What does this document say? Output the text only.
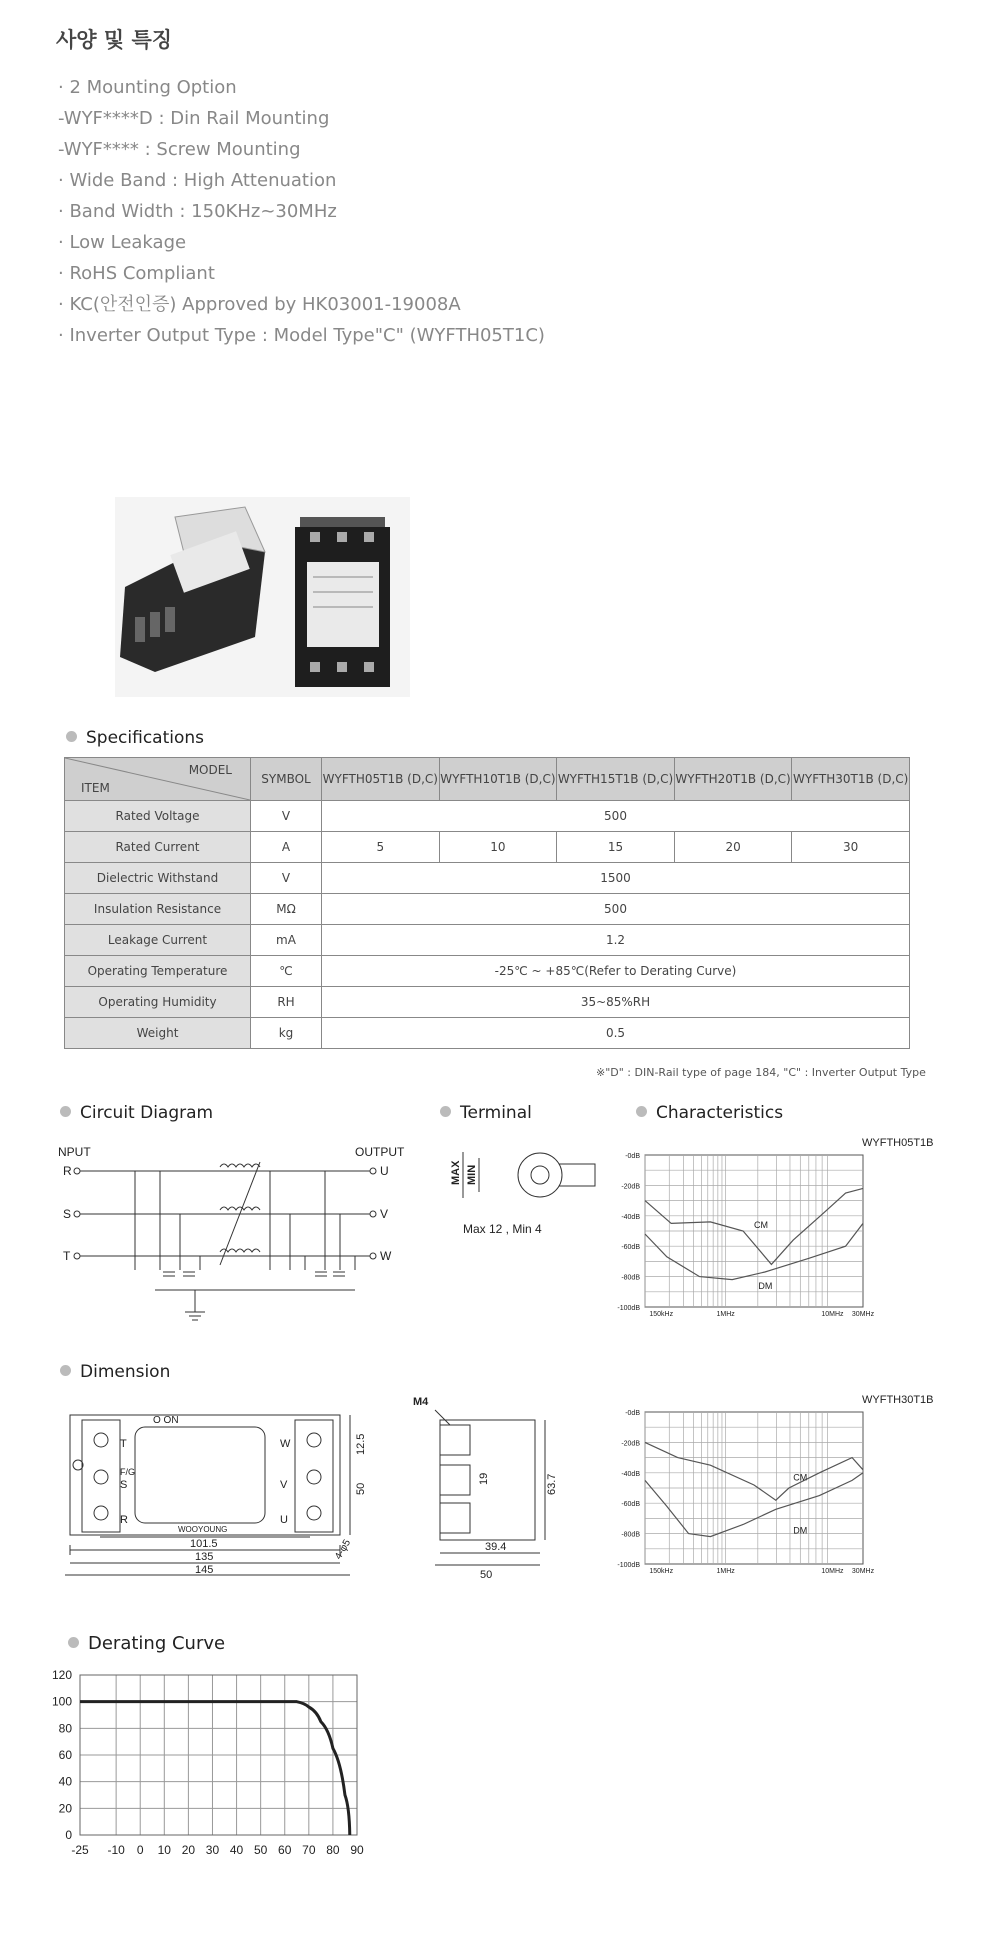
사양 및 특징
· 2 Mounting Option
-WYF****D : Din Rail Mounting
-WYF**** : Screw Mounting
· Wide Band : High Attenuation
· Band Width : 150KHz~30MHz
· Low Leakage
· RoHS Compliant
· KC(안전인증) Approved by HK03001-19008A
· Inverter Output Type : Model Type"C" (WYFTH05T1C)
Specifications
MODEL
ITEM	SYMBOL	WYFTH05T1B (D,C)	WYFTH10T1B (D,C)	WYFTH15T1B (D,C)	WYFTH20T1B (D,C)	WYFTH30T1B (D,C)
Rated Voltage	V	500				
Rated Current	A	5	10	15	20	30
Dielectric Withstand	V	1500				
Insulation Resistance	MΩ	500				
Leakage Current	mA	1.2				
Operating Temperature	℃	-25℃ ~ +85℃(Refer to Derating Curve)				
Operating Humidity	RH	35~85%RH				
Weight	kg	0.5				
※"D" : DIN-Rail type of page 184, "C" : Inverter Output Type
Circuit Diagram	Terminal	Characteristics
Dimension
Derating Curve
NPUT	OUTPUT
R
S
T
U
V
W
MAX MIN
Max 12 , Min 4
WYFTH05T1B
-0dB
-20dB
-40dB
-60dB
-80dB
-100dB
150kHz	1MHz	10MHz 30MHz
CM
DM
WYFTH30T1B
-0dB
-20dB
-40dB
-60dB
-80dB
-100dB
150kHz	1MHz	10MHz 30MHz
CM
DM
O ON
T
F/G
S
R
W
V
U
WOOYOUNG
101.5
135
145
12.5
50
4-φ5
M4
19	63.7
39.4
50
-25 -10 0 10 20 30 40 50 60 70 80 90
0
20
40
60
80
100
120
